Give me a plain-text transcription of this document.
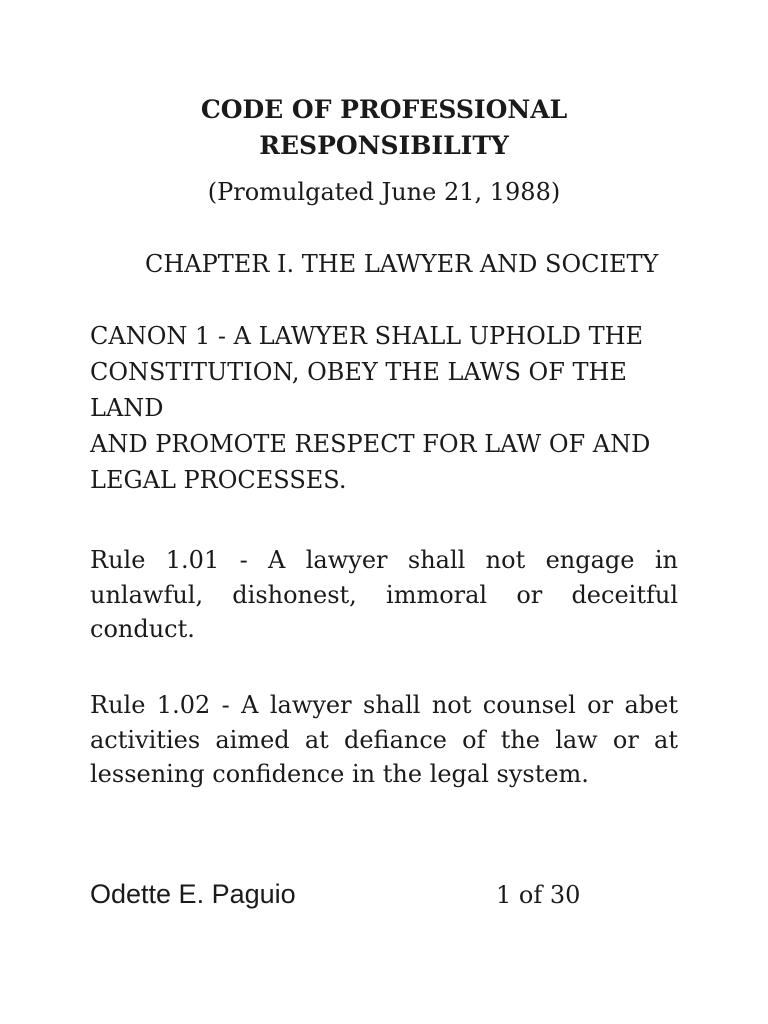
CODE OF PROFESSIONAL
RESPONSIBILITY
(Promulgated June 21, 1988)
CHAPTER I. THE LAWYER AND SOCIETY
CANON 1 - A LAWYER SHALL UPHOLD THE
CONSTITUTION, OBEY THE LAWS OF THE
LAND
AND PROMOTE RESPECT FOR LAW OF AND
LEGAL PROCESSES.
Rule 1.01 - A lawyer shall not engage in unlawful, dishonest, immoral or deceitful conduct.
Rule 1.02 - A lawyer shall not counsel or abet activities aimed at defiance of the law or at lessening confidence in the legal system.
Odette E. Paguio	1 of 30
